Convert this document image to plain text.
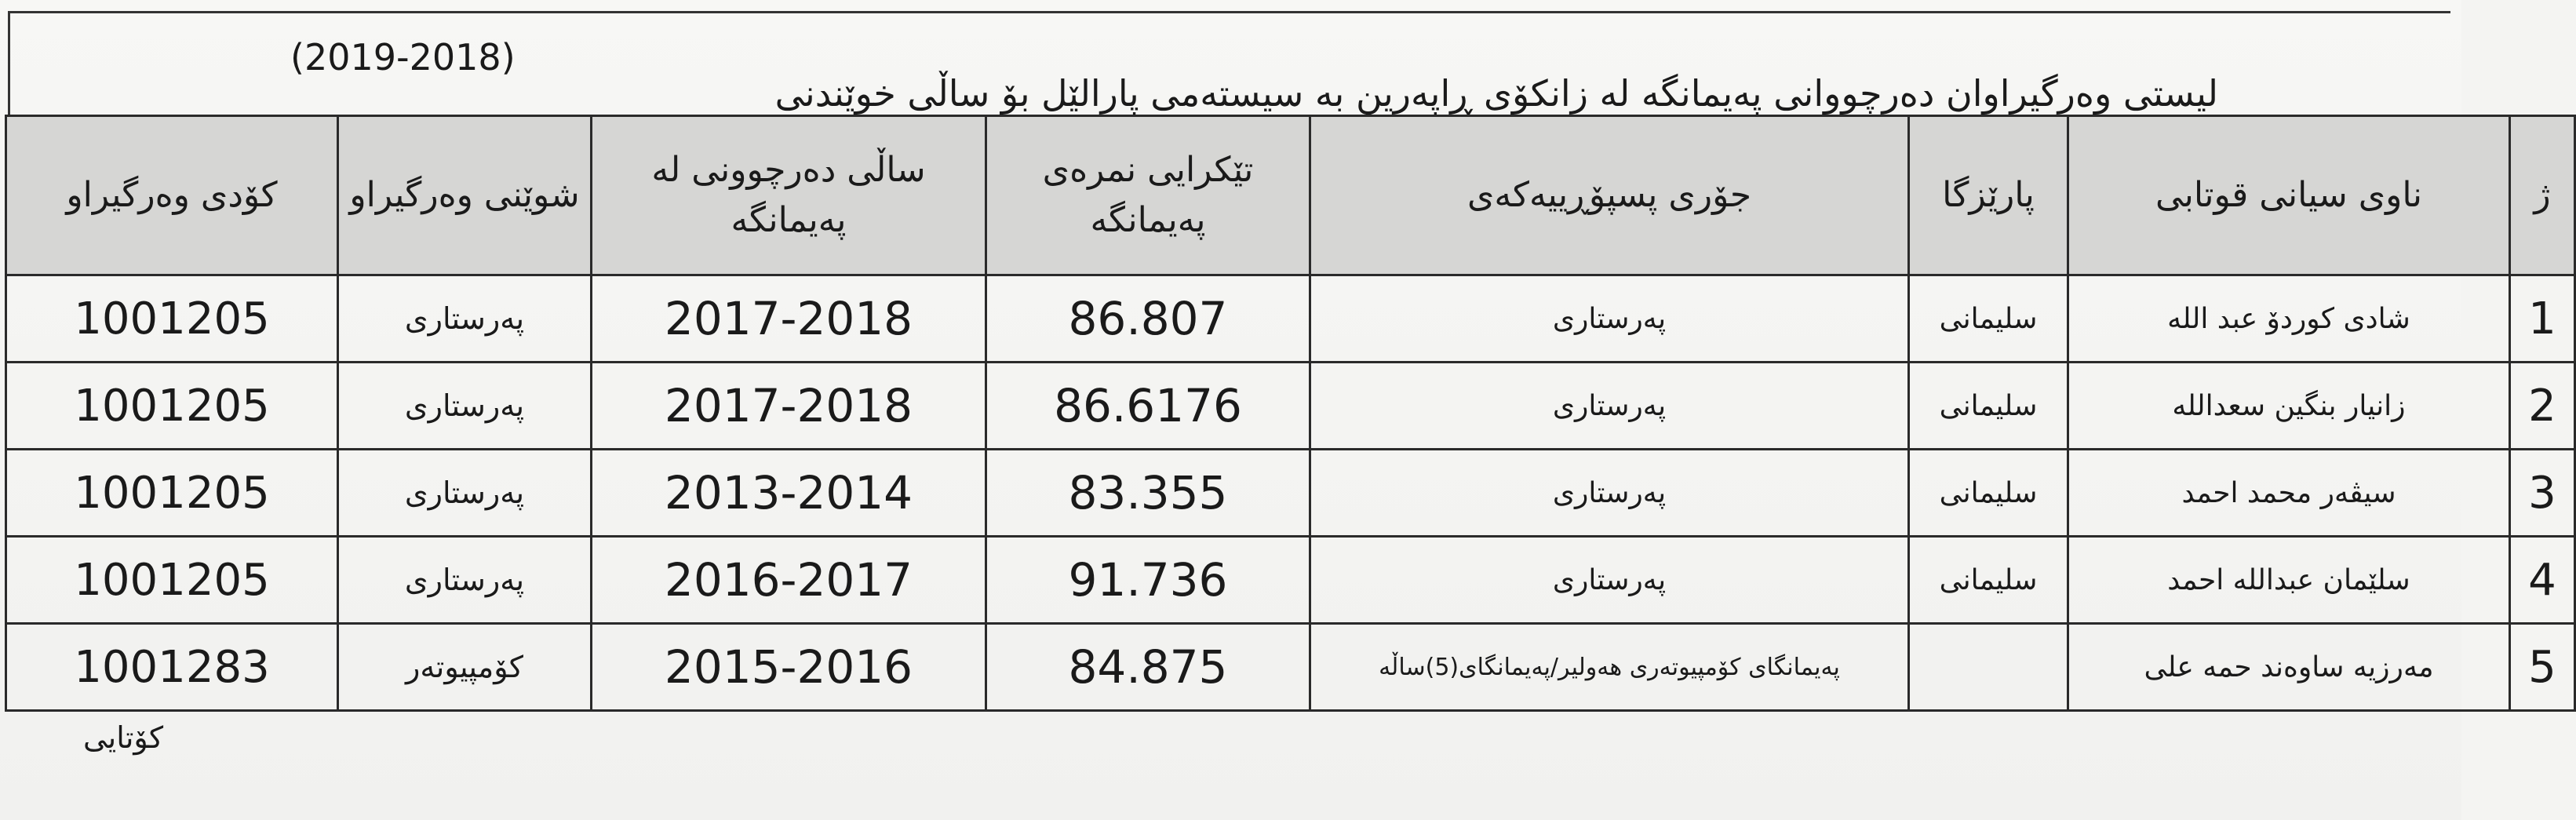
لیستی وەرگیراوان دەرچووانی پەیمانگە لە زانکۆی ڕاپەرین بە سیستەمی پارالێل بۆ ساڵی خوێندنی
(2019-2018)
ژ	ناوی سیانی قوتابی	پارێزگا	جۆری پسپۆڕییەکەی	تێکرایی نمرەی پەیمانگە	ساڵی دەرچوونی لە پەیمانگە	شوێنی وەرگیراو	کۆدی وەرگیراو
1	شادی کوردۆ عبد الله	سلیمانی	پەرستاری	86.807	2017-2018	پەرستاری	1001205
2	زانیار بنگین سعدالله	سلیمانی	پەرستاری	86.6176	2017-2018	پەرستاری	1001205
3	سیڤەر محمد احمد	سلیمانی	پەرستاری	83.355	2013-2014	پەرستاری	1001205
4	سلێمان عبداللە احمد	سلیمانی	پەرستاری	91.736	2016-2017	پەرستاری	1001205
5	مەرزیە ساوەند حمە علی		پەیمانگای کۆمپیوتەری هەولیر/پەیمانگای(5)ساڵە	84.875	2015-2016	کۆمپیوتەر	1001283
کۆتایی
